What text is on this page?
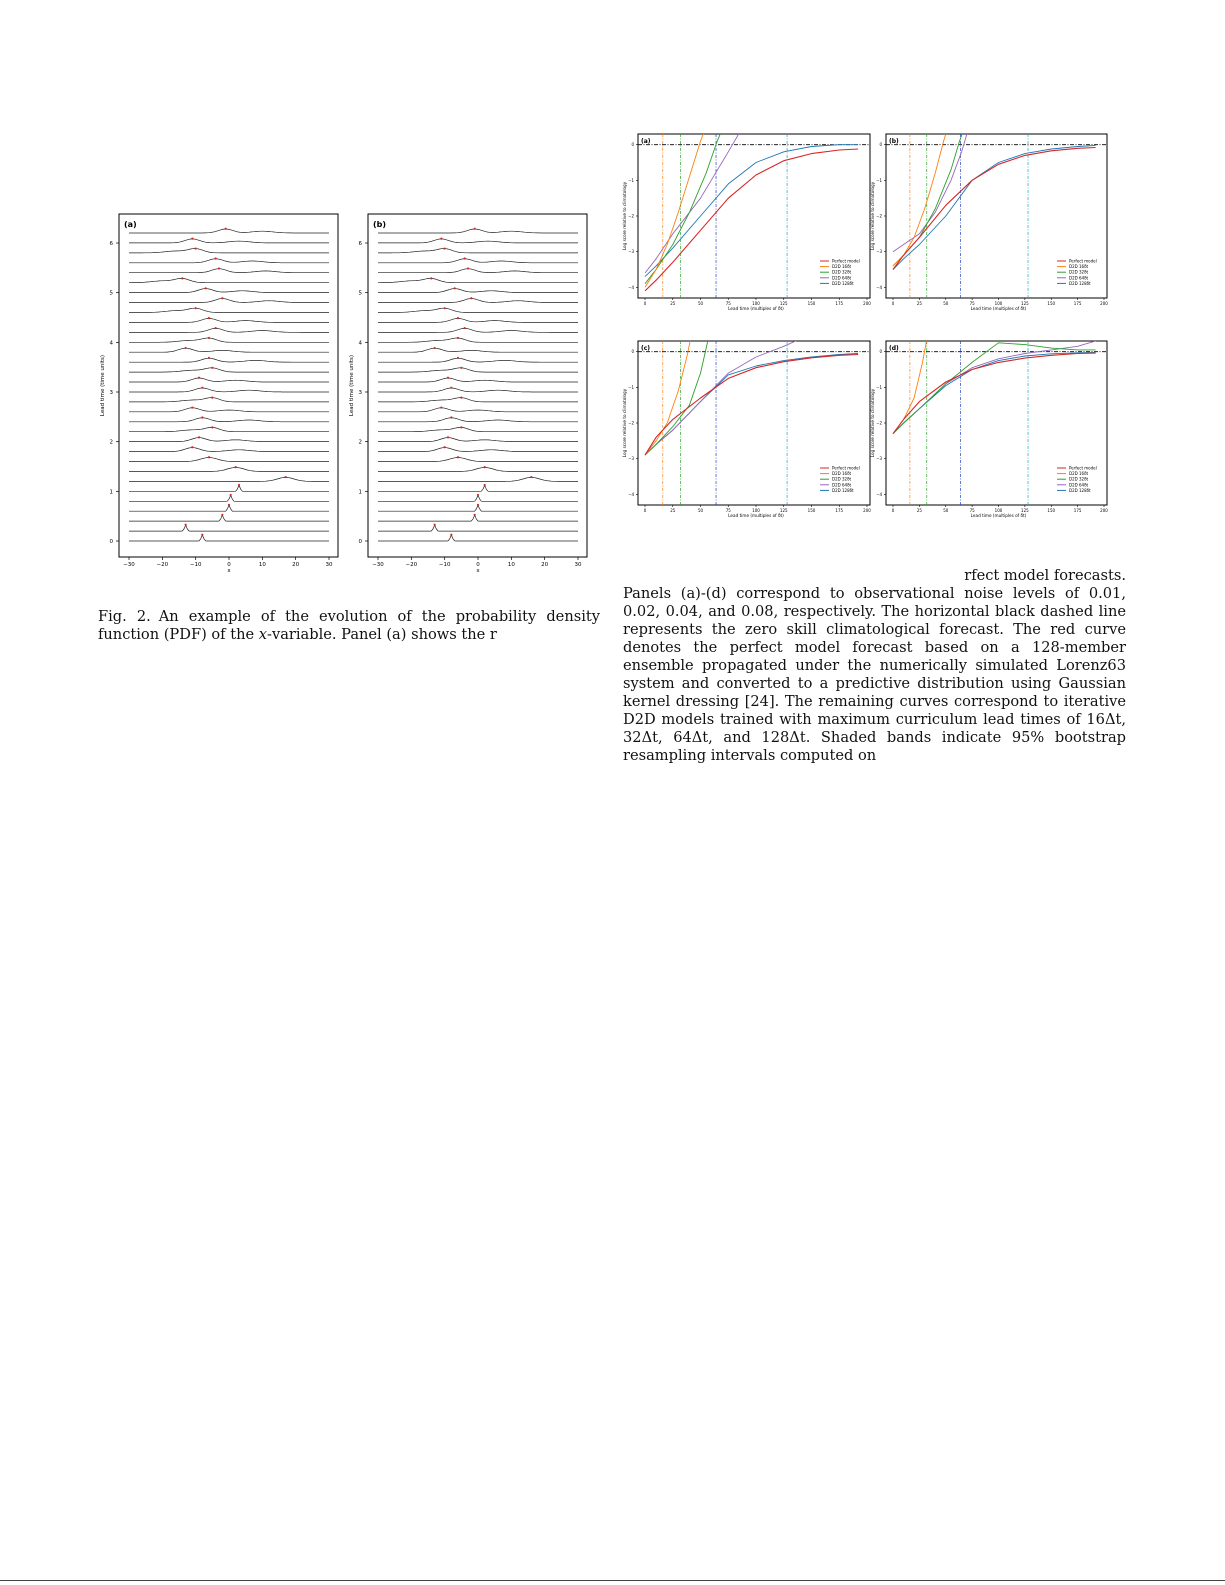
(a)
−30	−20	−10	0	10	20	30
x
0
1
2
3
4
5
6
Lead time (time units)
(b)
−30	−20	−10	0	10	20	30
x
0
1
2
3
4
5
6
Lead time (time units)
(a)
0	25	50	75	100	125	150	175	200
Lead time (multiples of δt)
0
−1
−2
−3
−4
Log score relative to climatology
Perfect model
D2D 16δt
D2D 32δt
D2D 64δt
D2D 128δt
(b)
0	25	50	75	100	125	150	175	200
Lead time (multiples of δt)
0
−1
−2
−3
−4
Log score relative to climatology
Perfect model
D2D 16δt
D2D 32δt
D2D 64δt
D2D 128δt
(c)
0	25	50	75	100	125	150	175	200
Lead time (multiples of δt)
0
−1
−2
−3
−4
Log score relative to climatology
Perfect model
D2D 16δt
D2D 32δt
D2D 64δt
D2D 128δt
(d)
0	25	50	75	100	125	150	175	200
Lead time (multiples of δt)
0
−1
−2
−3
−4
Log score relative to climatology
Perfect model
D2D 16δt
D2D 32δt
D2D 64δt
D2D 128δt

Fig. 2. An example of the evolution of the probability density function (PDF) of the x-variable. Panel (a) shows the r

rfect model forecasts.

Panels (a)-(d) correspond to observational noise levels of 0.01, 0.02, 0.04, and 0.08, respectively. The horizontal black dashed line represents the zero skill climatological forecast. The red curve denotes the perfect model forecast based on a 128-member ensemble propagated under the numerically simulated Lorenz63 system and converted to a predictive distribution using Gaussian kernel dressing [24]. The remaining curves correspond to iterative D2D models trained with maximum curriculum lead times of 16Δt, 32Δt, 64Δt, and 128Δt. Shaded bands indicate 95% bootstrap resampling intervals computed on
